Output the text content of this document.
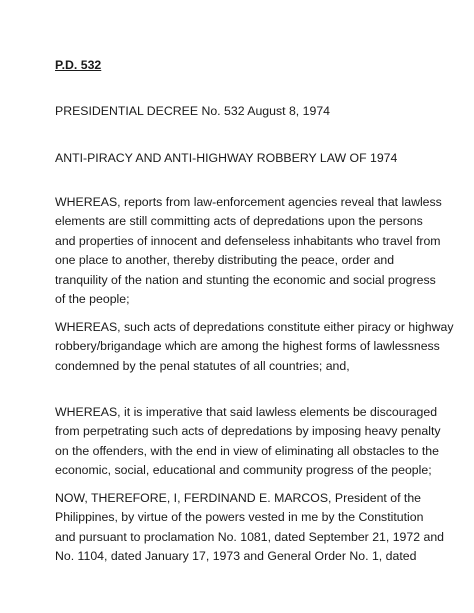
P.D. 532
PRESIDENTIAL DECREE No. 532 August 8, 1974
ANTI-PIRACY AND ANTI-HIGHWAY ROBBERY LAW OF 1974
WHEREAS, reports from law-enforcement agencies reveal that lawless
elements are still committing acts of depredations upon the persons
and properties of innocent and defenseless inhabitants who travel from
one place to another, thereby distributing the peace, order and
tranquility of the nation and stunting the economic and social progress
of the people;
WHEREAS, such acts of depredations constitute either piracy or highway
robbery/brigandage which are among the highest forms of lawlessness
condemned by the penal statutes of all countries; and,
WHEREAS, it is imperative that said lawless elements be discouraged
from perpetrating such acts of depredations by imposing heavy penalty
on the offenders, with the end in view of eliminating all obstacles to the
economic, social, educational and community progress of the people;
NOW, THEREFORE, I, FERDINAND E. MARCOS, President of the
Philippines, by virtue of the powers vested in me by the Constitution
and pursuant to proclamation No. 1081, dated September 21, 1972 and
No. 1104, dated January 17, 1973 and General Order No. 1, dated
